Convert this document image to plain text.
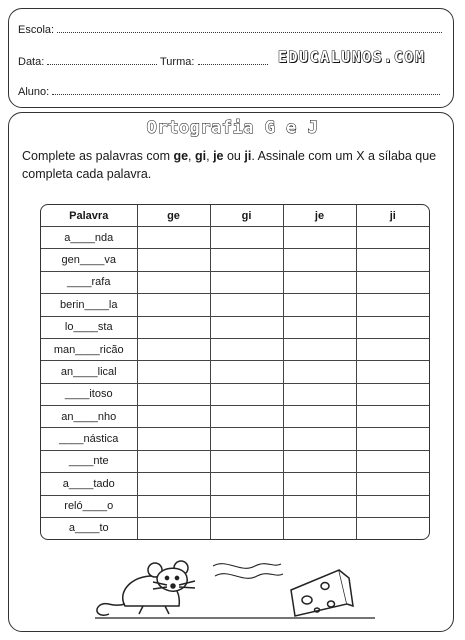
Escola:
Data:	Turma:	EDUCALUNOS.COM
Aluno:
Ortografia G e J
Complete as palavras com ge, gi, je ou ji. Assinale com um X a sílaba que completa cada palavra.
Palavra	ge	gi	je	ji
a____nda				
gen____va				
____rafa				
berin____la				
lo____sta				
man____ricão				
an____lical				
____itoso				
an____nho				
____nástica				
____nte				
a____tado				
reló____o				
a____to				
